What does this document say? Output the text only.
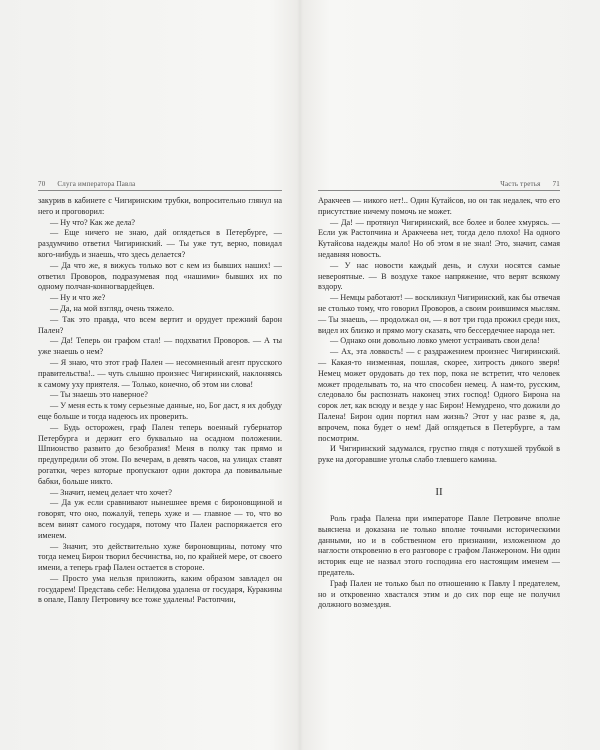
70 Слуга императора Павла

закурив в кабинете с Чигиринским трубки, вопросительно глянул на него и проговорил:

— Ну что? Как же дела?

— Еще ничего не знаю, дай оглядеться в Петербурге, — раздумчиво ответил Чигиринский. — Ты уже тут, верно, повидал кого-нибудь и знаешь, что здесь делается?

— Да что же, я вижусь только вот с кем из бывших наших! — ответил Проворов, подразумевая под «нашими» бывших их по одному полчан-конногвардейцев.

— Ну и что же?

— Да, на мой взгляд, очень тяжело.

— Так это правда, что всем вертит и орудует прежний барон Пален?

— Да! Теперь он графом стал! — подхватил Проворов. — А ты уже знаешь о нем?

— Я знаю, что этот граф Пален — несомненный агент прусского правительства!.. — чуть слышно произнес Чигиринский, наклоняясь к самому уху приятеля. — Только, конечно, об этом ни слова!

— Ты знаешь это наверное?

— У меня есть к тому серьезные данные, но, Бог даст, я их добуду еще больше и тогда надеюсь их проверить.

— Будь осторожен, граф Пален теперь военный губернатор Петербурга и держит его буквально на осадном положении. Шпионство развито до безобразия! Меня в полку так прямо и предупредили об этом. По вечерам, в девять часов, на улицах ставят рогатки, через которые пропускают одни доктора да повивальные бабки, больше никто.

— Значит, немец делает что хочет?

— Да уж если сравнивают нынешнее время с бироновщиной и говорят, что оно, пожалуй, теперь хуже и — главное — то, что во всем винят самого государя, потому что Пален распоряжается его именем.

— Значит, это действительно хуже бироновщины, потому что тогда немец Бирон творил бесчинства, но, по крайней мере, от своего имени, а теперь граф Пален остается в стороне.

— Просто ума нельзя приложить, каким образом завладел он государем! Представь себе: Нелидова удалена от государя, Куракины в опале, Павлу Петровичу все тоже удалены! Растопчин,

Часть третья 71

Аракчеев — никого нет!.. Один Кутайсов, но он так недалек, что его присутствие ничему помочь не может.

— Да! — протянул Чигиринский, все более и более хмурясь. — Если уж Растопчина и Аракчеева нет, тогда дело плохо! На одного Кутайсова надежды мало! Но об этом я не знал! Это, значит, самая недавняя новость.

— У нас новости каждый день, и слухи носятся самые невероятные. — В воздухе такое напряжение, что верят всякому вздору.

— Немцы работают! — воскликнул Чигиринский, как бы отвечая не столько тому, что говорил Проворов, а своим роившимся мыслям. — Ты знаешь, — продолжал он, — я вот три года прожил среди них, видел их близко и прямо могу сказать, что бессердечнее народа нет.

— Однако они довольно ловко умеют устраивать свои дела!

— Ах, эта ловкость! — с раздражением произнес Чигиринский. — Какая-то низменная, пошлая, скорее, хитрость дикого зверя! Немец может орудовать до тех пор, пока не встретит, что человек может проделывать то, на что способен немец. А нам-то, русским, следовало бы распознать наконец этих господ! Одного Бирона на сорок лет, как всюду и везде у нас Бирон! Немудрено, что дожили до Палена! Бирон один портил нам жизнь? Этот у нас разве я, да, впрочем, пока будет о нем! Дай оглядеться в Петербурге, а там посмотрим.

И Чигиринский задумался, грустно глядя с потухшей трубкой в руке на догоравшие уголья слабо тлевшего камина.

II

Роль графа Палена при императоре Павле Петровиче вполне выяснена и доказана не только вполне точными историческими данными, но и в собственном его признании, изложенном до наглости откровенно в его разговоре с графом Ланжероном. Ни один историк еще не назвал этого господина его настоящим именем — предатель.

Граф Пален не только был по отношению к Павлу I предателем, но и откровенно хвастался этим и до сих пор еще не получил должного возмездия.
